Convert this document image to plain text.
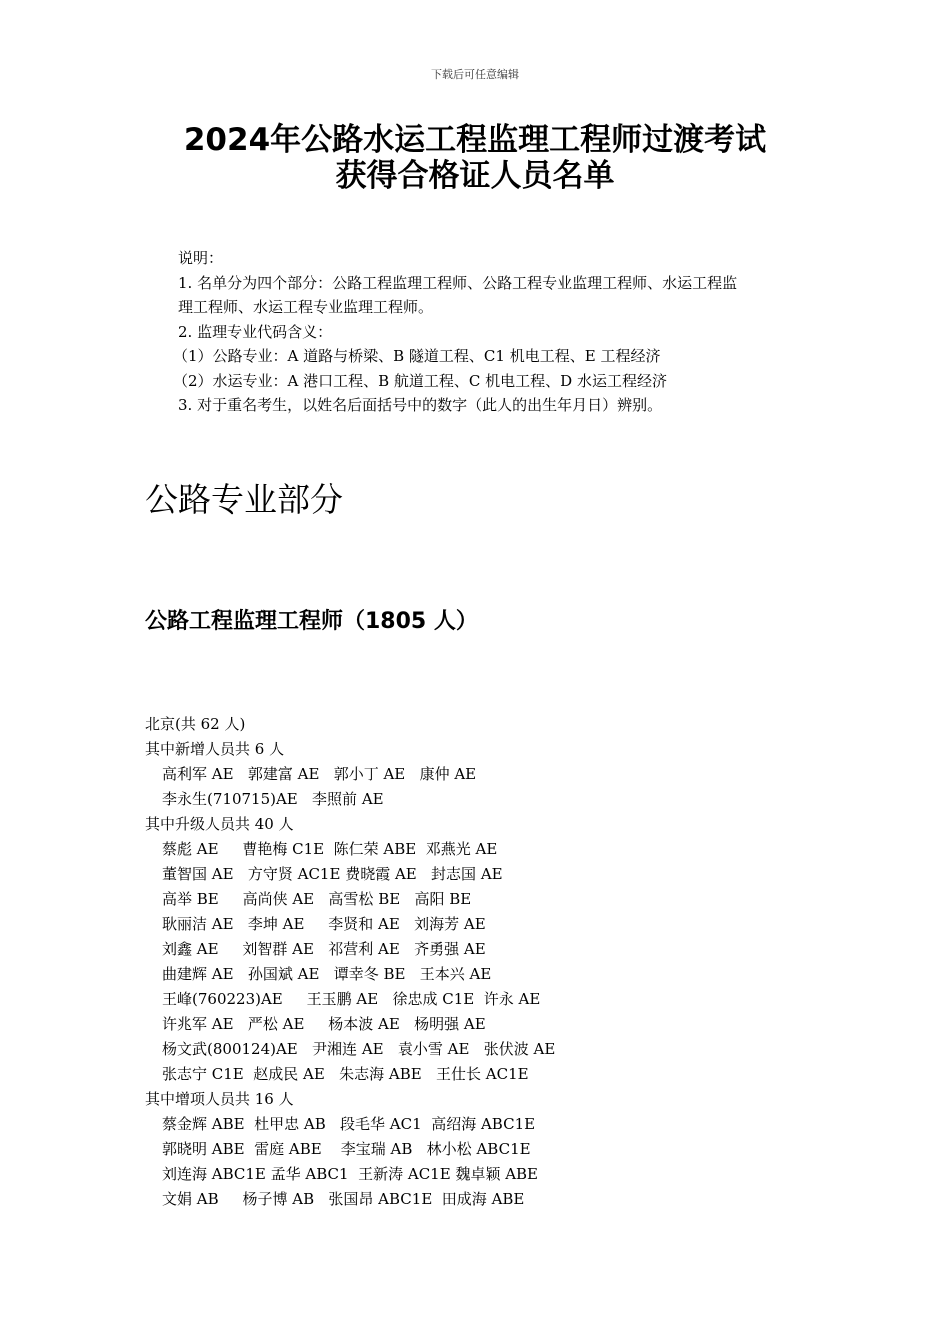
下载后可任意编辑
2024年公路水运工程监理工程师过渡考试
获得合格证人员名单
说明：
1. 名单分为四个部分：公路工程监理工程师、公路工程专业监理工程师、水运工程监
理工程师、水运工程专业监理工程师。
2. 监理专业代码含义：
（1）公路专业：A 道路与桥梁、B 隧道工程、C1 机电工程、E 工程经济
（2）水运专业：A 港口工程、B 航道工程、C 机电工程、D 水运工程经济
3. 对于重名考生，以姓名后面括号中的数字（此人的出生年月日）辨别。
公路专业部分
公路工程监理工程师（1805 人）
北京(共 62 人)
其中新增人员共 6 人
高利军 AE   郭建富 AE   郭小丁 AE   康仲 AE
李永生(710715)AE   李照前 AE
其中升级人员共 40 人
蔡彪 AE     曹艳梅 C1E  陈仁荣 ABE  邓燕光 AE
董智国 AE   方守贤 AC1E 费晓霞 AE   封志国 AE
高举 BE     高尚侠 AE   高雪松 BE   高阳 BE
耿丽洁 AE   李坤 AE     李贤和 AE   刘海芳 AE
刘鑫 AE     刘智群 AE   祁营利 AE   齐勇强 AE
曲建辉 AE   孙国斌 AE   谭幸冬 BE   王本兴 AE
王峰(760223)AE     王玉鹏 AE   徐忠成 C1E  许永 AE
许兆军 AE   严松 AE     杨本波 AE   杨明强 AE
杨文武(800124)AE   尹湘连 AE   袁小雪 AE   张伏波 AE
张志宁 C1E  赵成民 AE   朱志海 ABE   王仕长 AC1E
其中增项人员共 16 人
蔡金辉 ABE  杜甲忠 AB   段毛华 AC1  高绍海 ABC1E
郭晓明 ABE  雷庭 ABE    李宝瑞 AB   林小松 ABC1E
刘连海 ABC1E 孟华 ABC1  王新涛 AC1E 魏卓颖 ABE
文娟 AB     杨子博 AB   张国昂 ABC1E  田成海 ABE
